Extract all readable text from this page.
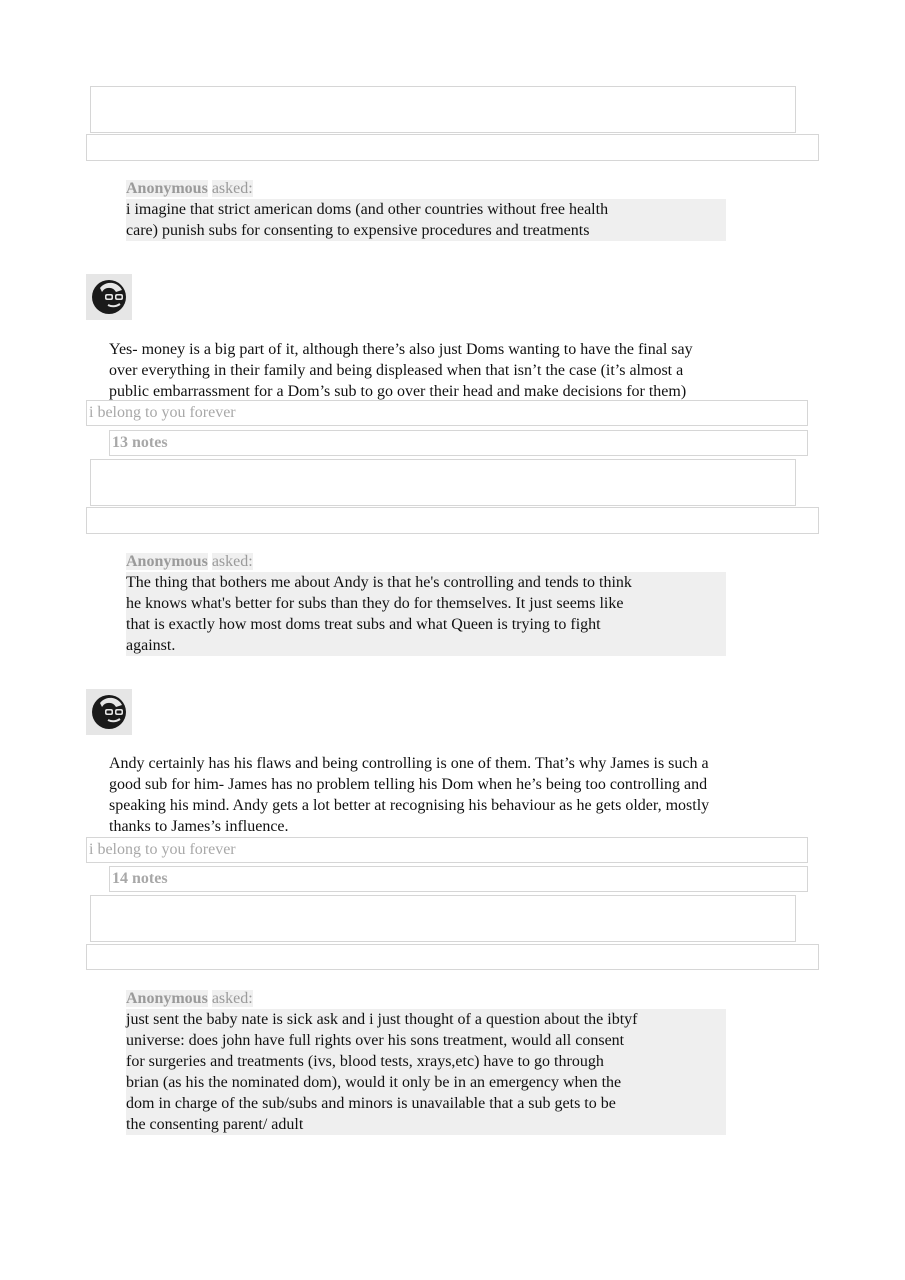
Anonymous asked:
i imagine that strict american doms (and other countries without free health
care) punish subs for consenting to expensive procedures and treatments
Yes- money is a big part of it, although there’s also just Doms wanting to have the final say
over everything in their family and being displeased when that isn’t the case (it’s almost a
public embarrassment for a Dom’s sub to go over their head and make decisions for them)
i belong to you forever
13 notes
Anonymous asked:
The thing that bothers me about Andy is that he's controlling and tends to think
he knows what's better for subs than they do for themselves. It just seems like
that is exactly how most doms treat subs and what Queen is trying to fight
against.
Andy certainly has his flaws and being controlling is one of them. That’s why James is such a
good sub for him- James has no problem telling his Dom when he’s being too controlling and
speaking his mind. Andy gets a lot better at recognising his behaviour as he gets older, mostly
thanks to James’s influence.
i belong to you forever
14 notes
Anonymous asked:
just sent the baby nate is sick ask and i just thought of a question about the ibtyf
universe: does john have full rights over his sons treatment, would all consent
for surgeries and treatments (ivs, blood tests, xrays,etc) have to go through
brian (as his the nominated dom), would it only be in an emergency when the
dom in charge of the sub/subs and minors is unavailable that a sub gets to be
the consenting parent/ adult
